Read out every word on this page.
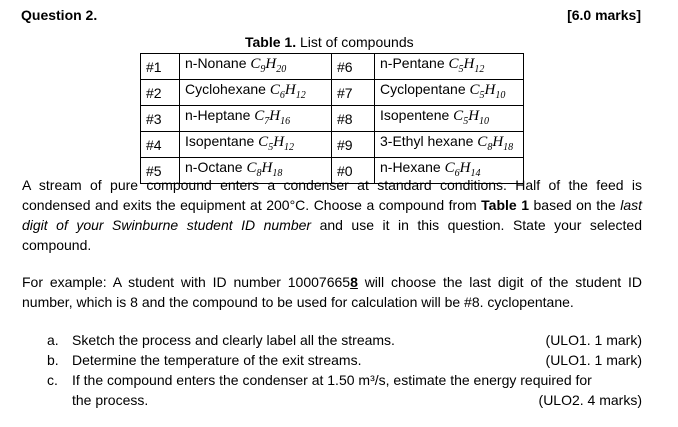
Question 2.	[6.0 marks]
Table 1. List of compounds
#1	n-Nonane $C_9H_{20}$	#6	n-Pentane $C_5H_{12}$
#2	Cyclohexane $C_6H_{12}$	#7	Cyclopentane $C_5H_{10}$
#3	n-Heptane $C_7H_{16}$	#8	Isopentene $C_5H_{10}$
#4	Isopentane $C_5H_{12}$	#9	3-Ethyl hexane $C_8H_{18}$
#5	n-Octane $C_8H_{18}$	#0	n-Hexane $C_6H_{14}$
A stream of pure compound enters a condenser at standard conditions. Half of the feed is condensed and exits the equipment at 200°C. Choose a compound from Table 1 based on the last digit of your Swinburne student ID number and use it in this question. State your selected compound.
For example: A student with ID number 100076658 will choose the last digit of the student ID number, which is 8 and the compound to be used for calculation will be #8. cyclopentane.
a. Sketch the process and clearly label all the streams.	(ULO1. 1 mark)
b. Determine the temperature of the exit streams.	(ULO1. 1 mark)
c. If the compound enters the condenser at 1.50 m³/s, estimate the energy required for
the process.	(ULO2. 4 marks)
